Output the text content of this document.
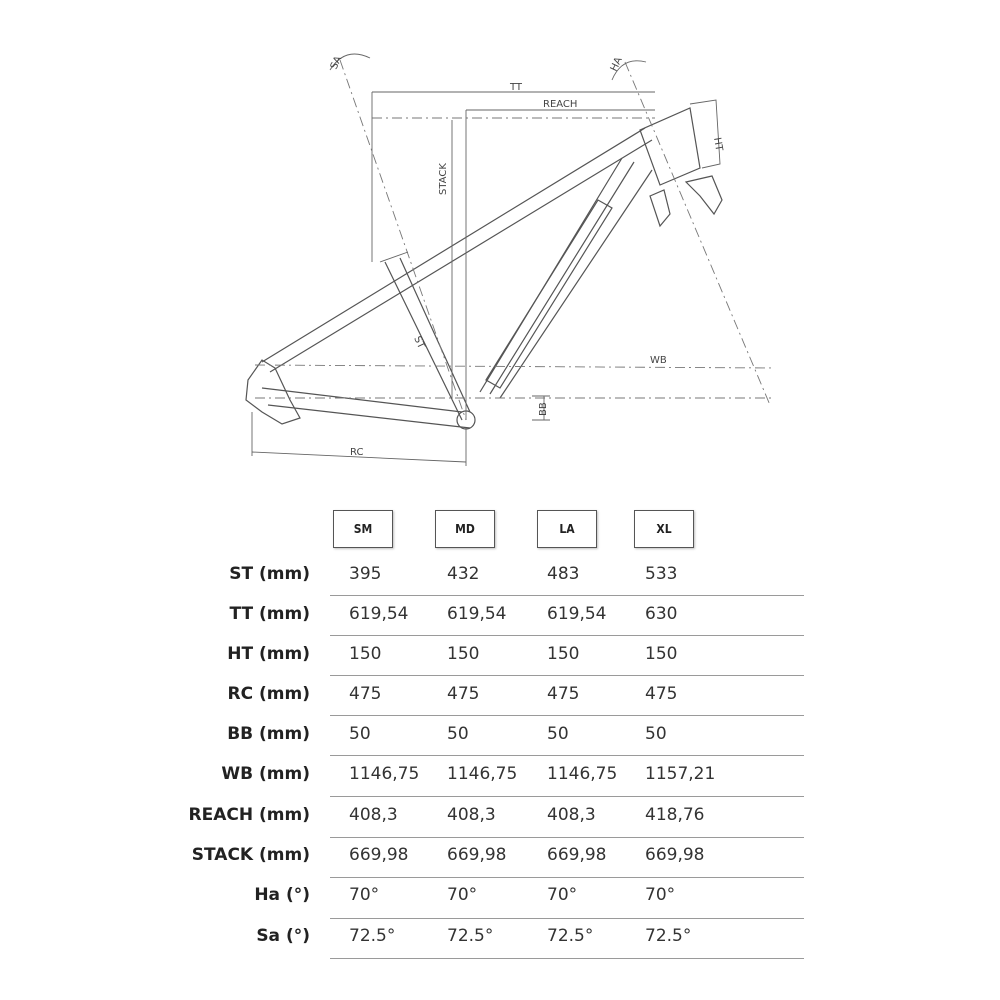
SA	HA
TT
REACH
HT
STACK
ST
WB
BB
RC
SM	MD	LA	XL
ST (mm) 395	432	483	533
TT (mm) 619,54 619,54 619,54 630
HT (mm) 150	150	150	150
RC (mm) 475	475	475	475
BB (mm) 50	50	50	50
WB (mm) 1146,75 1146,75 1146,75 1157,21
REACH (mm) 408,3	408,3	408,3	418,76
STACK (mm) 669,98 669,98 669,98 669,98
Ha (°) 70°	70°	70°	70°
Sa (°) 72.5°	72.5°	72.5°	72.5°
